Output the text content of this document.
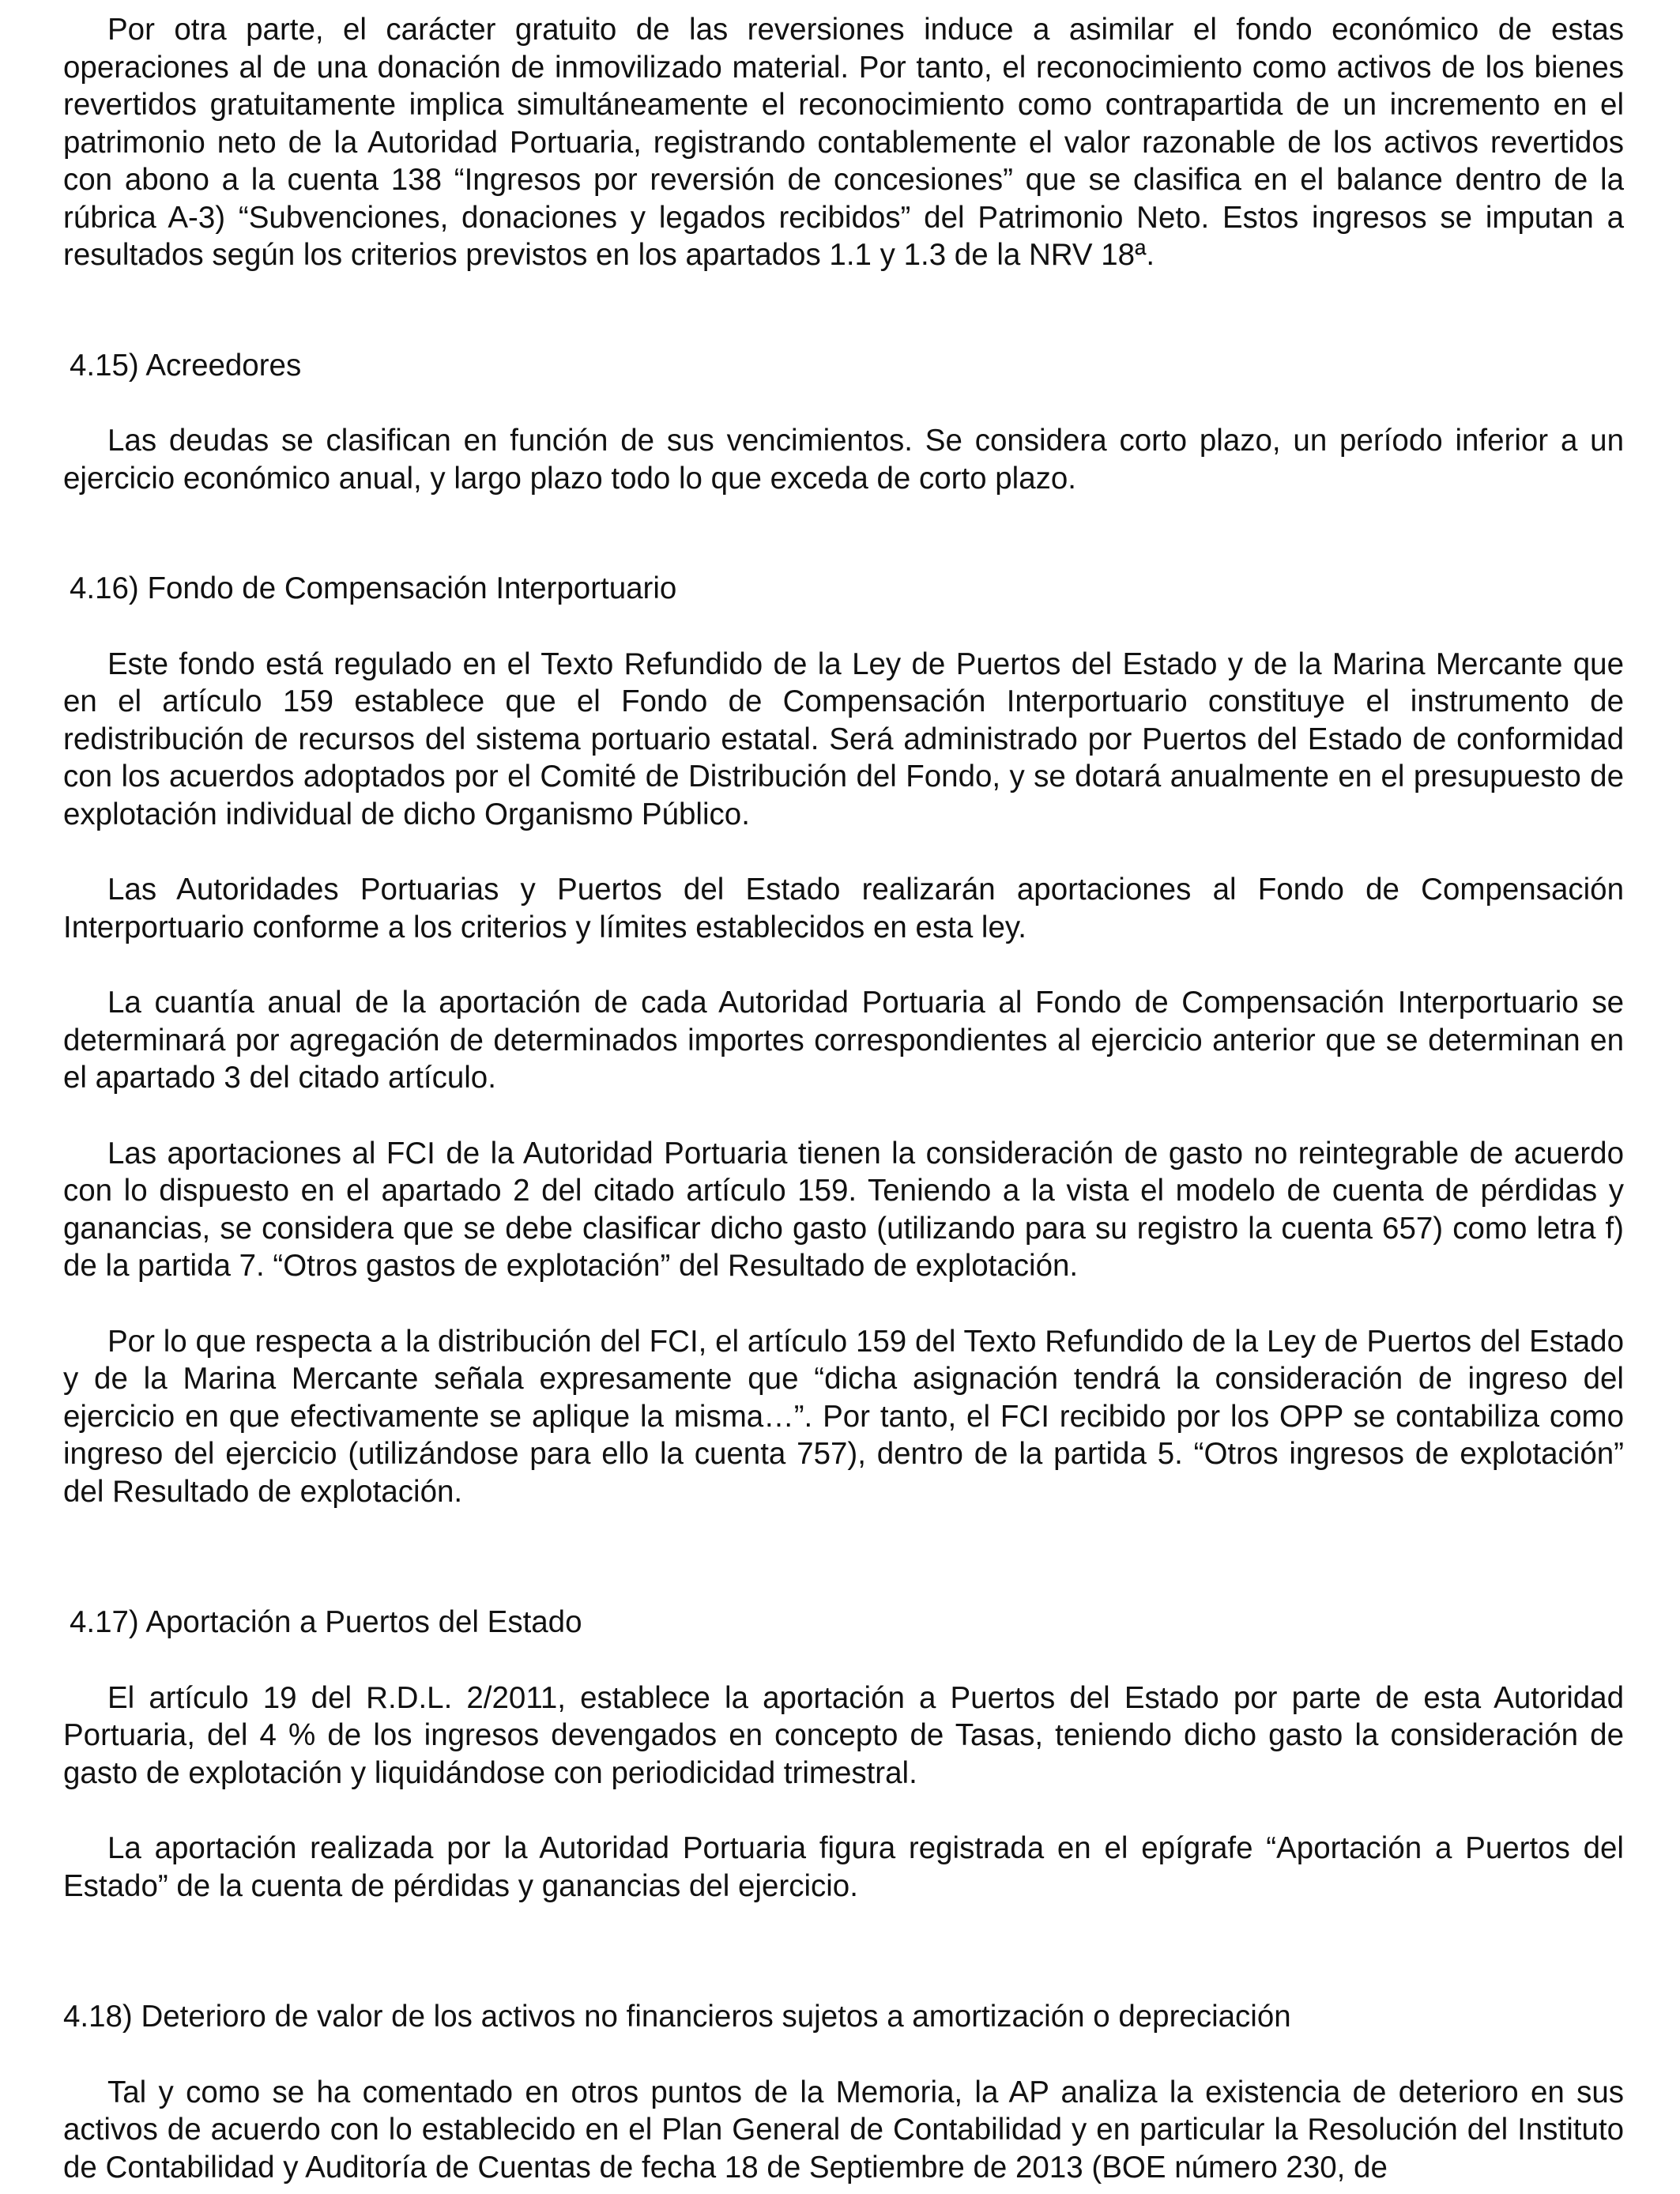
Por otra parte, el carácter gratuito de las reversiones induce a asimilar el fondo económico de estas operaciones al de una donación de inmovilizado material. Por tanto, el reconocimiento como activos de los bienes revertidos gratuitamente implica simultáneamente el reconocimiento como contrapartida de un incremento en el patrimonio neto de la Autoridad Portuaria, registrando contablemente el valor razonable de los activos revertidos con abono a la cuenta 138 “Ingresos por reversión de concesiones” que se clasifica en el balance dentro de la rúbrica A-3) “Subvenciones, donaciones y legados recibidos” del Patrimonio Neto. Estos ingresos se imputan a resultados según los criterios previstos en los apartados 1.1 y 1.3 de la NRV 18ª.

4.15) Acreedores

Las deudas se clasifican en función de sus vencimientos. Se considera corto plazo, un período inferior a un ejercicio económico anual, y largo plazo todo lo que exceda de corto plazo.

4.16) Fondo de Compensación Interportuario

Este fondo está regulado en el Texto Refundido de la Ley de Puertos del Estado y de la Marina Mercante que en el artículo 159 establece que el Fondo de Compensación Interportuario constituye el instrumento de redistribución de recursos del sistema portuario estatal. Será administrado por Puertos del Estado de conformidad con los acuerdos adoptados por el Comité de Distribución del Fondo, y se dotará anualmente en el presupuesto de explotación individual de dicho Organismo Público.

Las Autoridades Portuarias y Puertos del Estado realizarán aportaciones al Fondo de Compensación Interportuario conforme a los criterios y límites establecidos en esta ley.

La cuantía anual de la aportación de cada Autoridad Portuaria al Fondo de Compensación Interportuario se determinará por agregación de determinados importes correspondientes al ejercicio anterior que se determinan en el apartado 3 del citado artículo.

Las aportaciones al FCI de la Autoridad Portuaria tienen la consideración de gasto no reintegrable de acuerdo con lo dispuesto en el apartado 2 del citado artículo 159. Teniendo a la vista el modelo de cuenta de pérdidas y ganancias, se considera que se debe clasificar dicho gasto (utilizando para su registro la cuenta 657) como letra f) de la partida 7. “Otros gastos de explotación” del Resultado de explotación.

Por lo que respecta a la distribución del FCI, el artículo 159 del Texto Refundido de la Ley de Puertos del Estado y de la Marina Mercante señala expresamente que “dicha asignación tendrá la consideración de ingreso del ejercicio en que efectivamente se aplique la misma…”. Por tanto, el FCI recibido por los OPP se contabiliza como ingreso del ejercicio (utilizándose para ello la cuenta 757), dentro de la partida 5. “Otros ingresos de explotación” del Resultado de explotación.

4.17) Aportación a Puertos del Estado

El artículo 19 del R.D.L. 2/2011, establece la aportación a Puertos del Estado por parte de esta Autoridad Portuaria, del 4 % de los ingresos devengados en concepto de Tasas, teniendo dicho gasto la consideración de gasto de explotación y liquidándose con periodicidad trimestral.

La aportación realizada por la Autoridad Portuaria figura registrada en el epígrafe “Aportación a Puertos del Estado” de la cuenta de pérdidas y ganancias del ejercicio.

4.18) Deterioro de valor de los activos no financieros sujetos a amortización o depreciación

Tal y como se ha comentado en otros puntos de la Memoria, la AP analiza la existencia de deterioro en sus activos de acuerdo con lo establecido en el Plan General de Contabilidad y en particular la Resolución del Instituto de Contabilidad y Auditoría de Cuentas de fecha 18 de Septiembre de 2013 (BOE número 230, de
